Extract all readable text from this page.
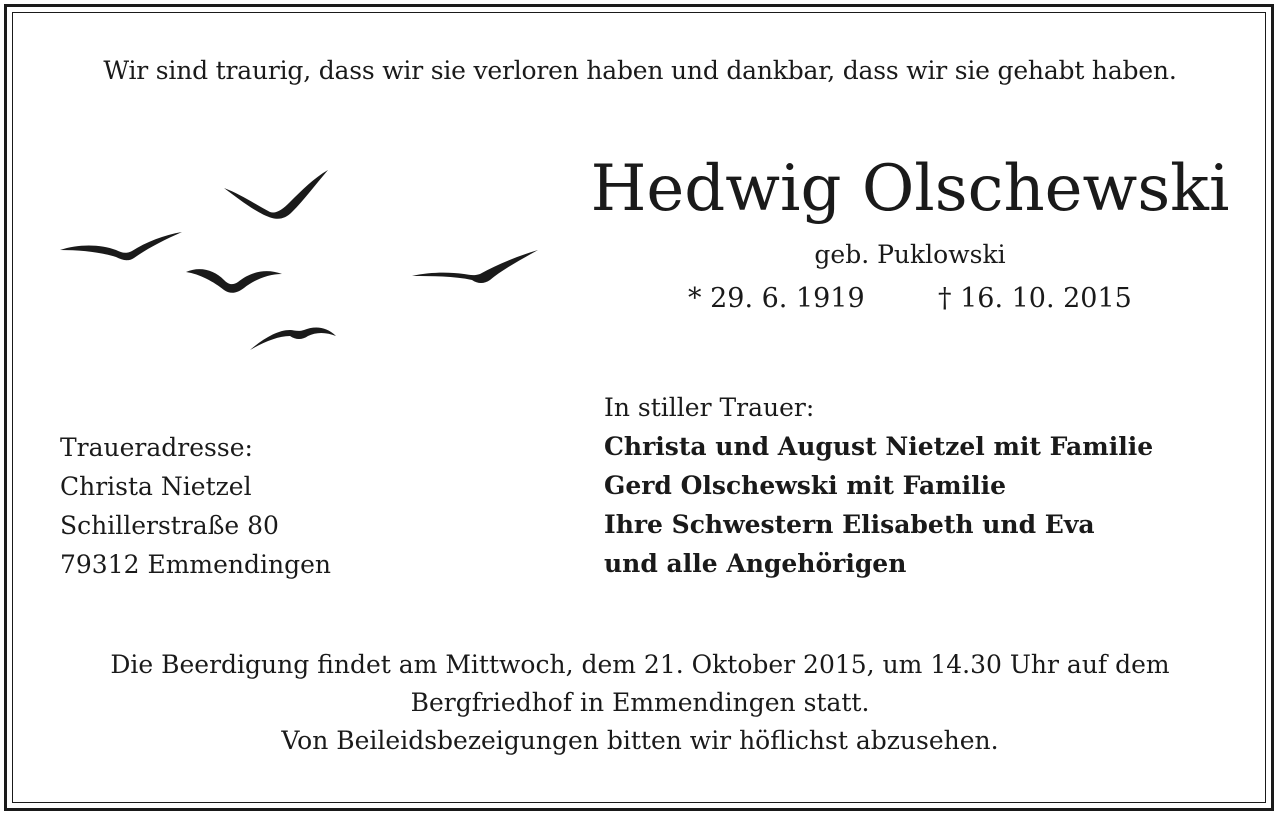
Wir sind traurig, dass wir sie verloren haben und dankbar, dass wir sie gehabt haben.
Hedwig Olschewski
geb. Puklowski
* 29. 6. 1919	† 16. 10. 2015
In stiller Trauer:
Christa und August Nietzel mit Familie
Gerd Olschewski mit Familie
Ihre Schwestern Elisabeth und Eva
und alle Angehörigen
Traueradresse:
Christa Nietzel
Schillerstraße 80
79312 Emmendingen
Die Beerdigung findet am Mittwoch, dem 21. Oktober 2015, um 14.30 Uhr auf dem
Bergfriedhof in Emmendingen statt.
Von Beileidsbezeigungen bitten wir höflichst abzusehen.
